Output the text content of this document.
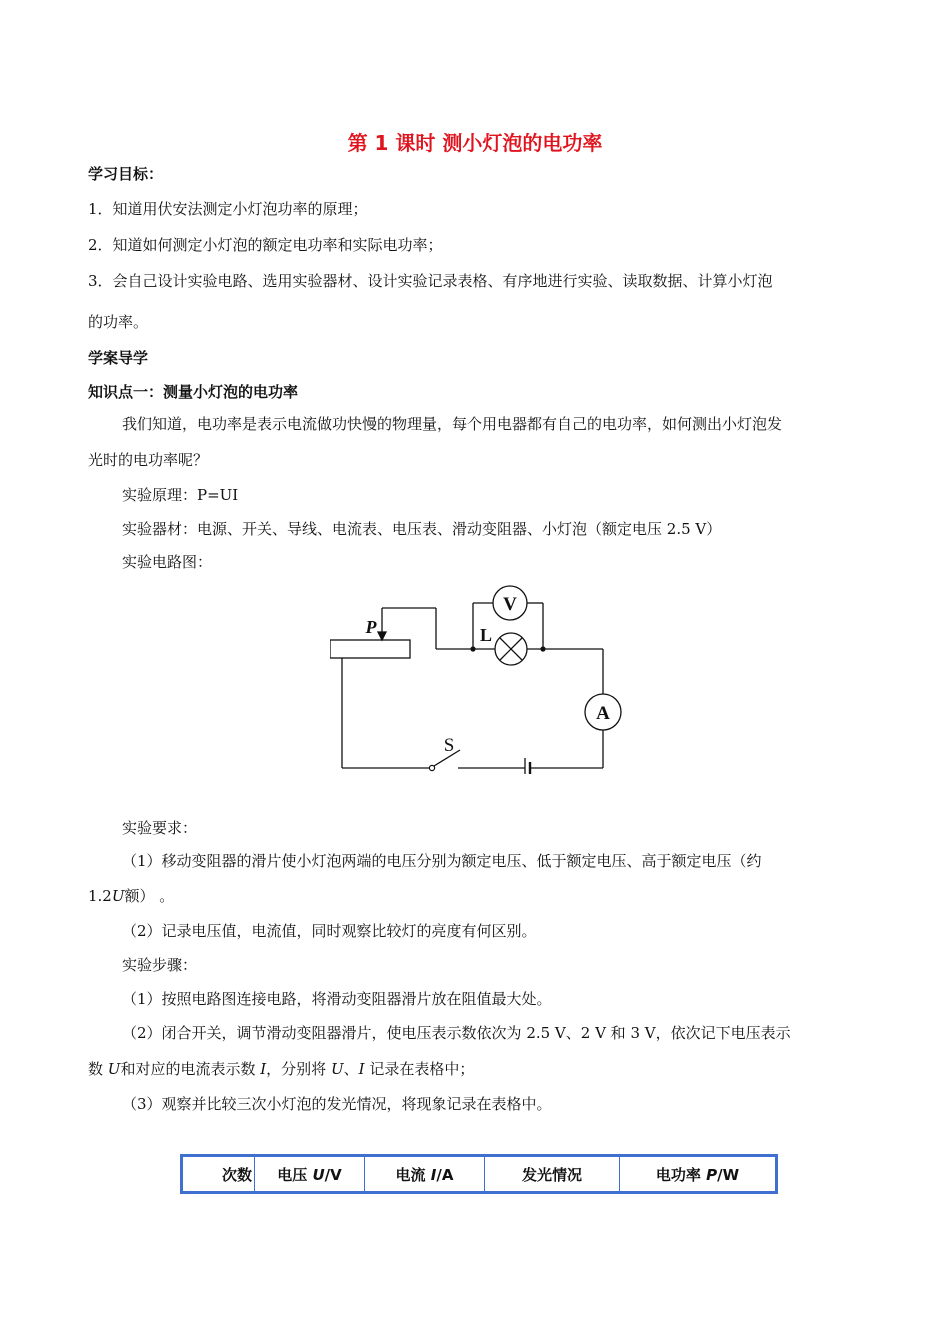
第 1 课时 测小灯泡的电功率
学习目标：
1．知道用伏安法测定小灯泡功率的原理；
2．知道如何测定小灯泡的额定电功率和实际电功率；
3．会自己设计实验电路、选用实验器材、设计实验记录表格、有序地进行实验、读取数据、计算小灯泡
的功率。
学案导学
知识点一：测量小灯泡的电功率
我们知道，电功率是表示电流做功快慢的物理量，每个用电器都有自己的电功率，如何测出小灯泡发
光时的电功率呢？
实验原理：P=UI
实验器材：电源、开关、导线、电流表、电压表、滑动变阻器、小灯泡（额定电压 2.5 V）
实验电路图：
V
A
L
P
S
实验要求：
（1）移动变阻器的滑片使小灯泡两端的电压分别为额定电压、低于额定电压、高于额定电压（约
1.2U额） 。
（2）记录电压值，电流值，同时观察比较灯的亮度有何区别。
实验步骤：
（1）按照电路图连接电路，将滑动变阻器滑片放在阻值最大处。
（2）闭合开关，调节滑动变阻器滑片，使电压表示数依次为 2.5 V、2 V 和 3 V，依次记下电压表示
数 U和对应的电流表示数 I，分别将 U、I 记录在表格中；
（3）观察并比较三次小灯泡的发光情况，将现象记录在表格中。
次数	电压 U/V	电流 I/A	发光情况	电功率 P/W
